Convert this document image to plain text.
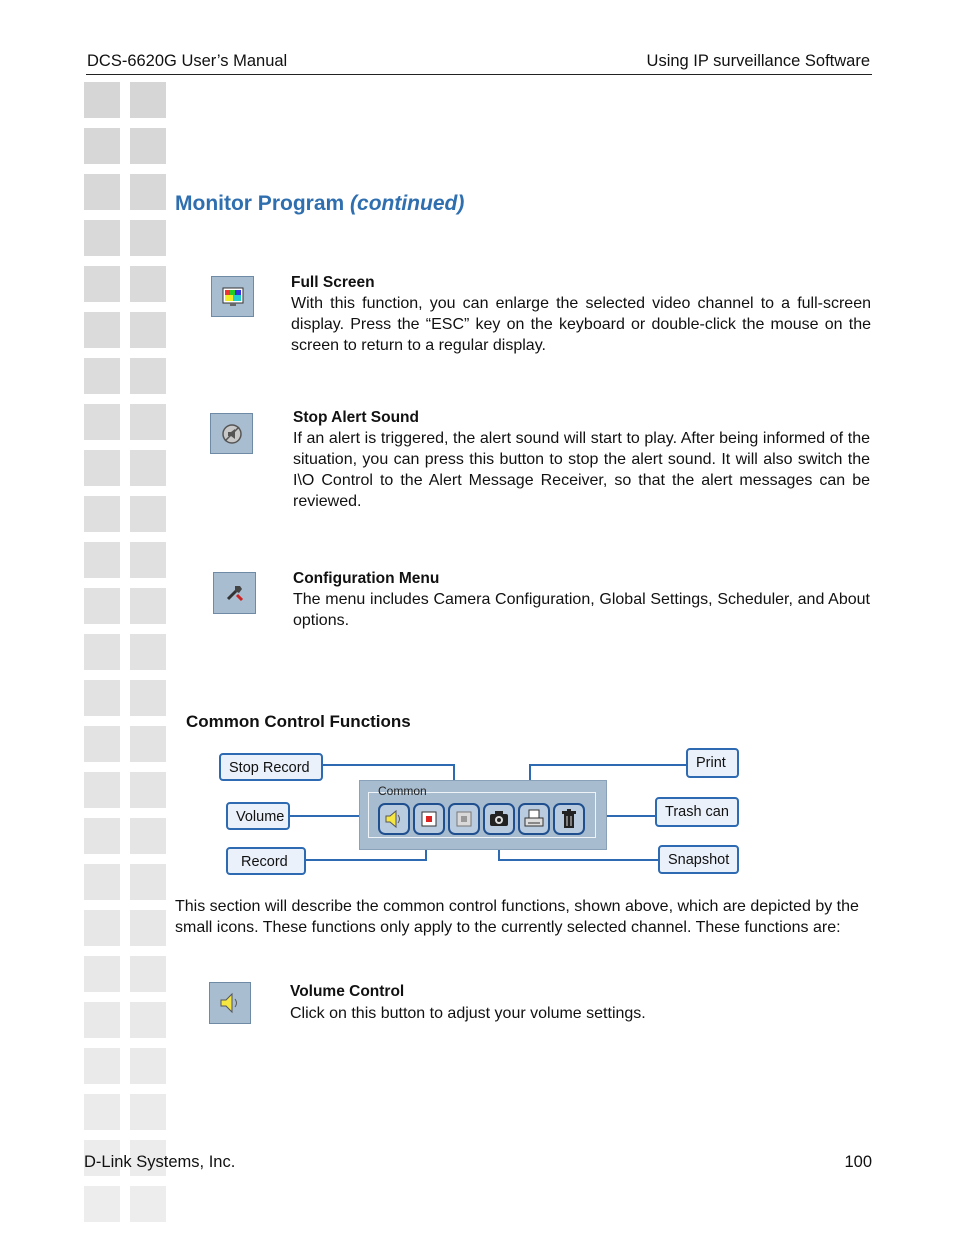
DCS-6620G User’s Manual	Using IP surveillance Software
Monitor Program (continued)
Full Screen
With this function, you can enlarge the selected video channel to a full-screen display. Press the “ESC” key on the keyboard or double-click the mouse on the screen to return to a regular display.
Stop Alert Sound
If an alert is triggered, the alert sound will start to play. After being informed of the situation, you can press this button to stop the alert sound. It will also switch the I\O Control to the Alert Message Receiver, so that the alert messages can be reviewed.
Configuration Menu
The menu includes Camera Configuration, Global Settings, Scheduler, and About options.
Common Control Functions
Stop Record
Volume
Record
Print
Trash can
Snapshot
Common
This section will describe the common control functions, shown above, which are depicted by the small icons. These functions only apply to the currently selected channel. These functions are:
Volume Control
Click on this button to adjust your volume settings.
D-Link Systems, Inc.	100
